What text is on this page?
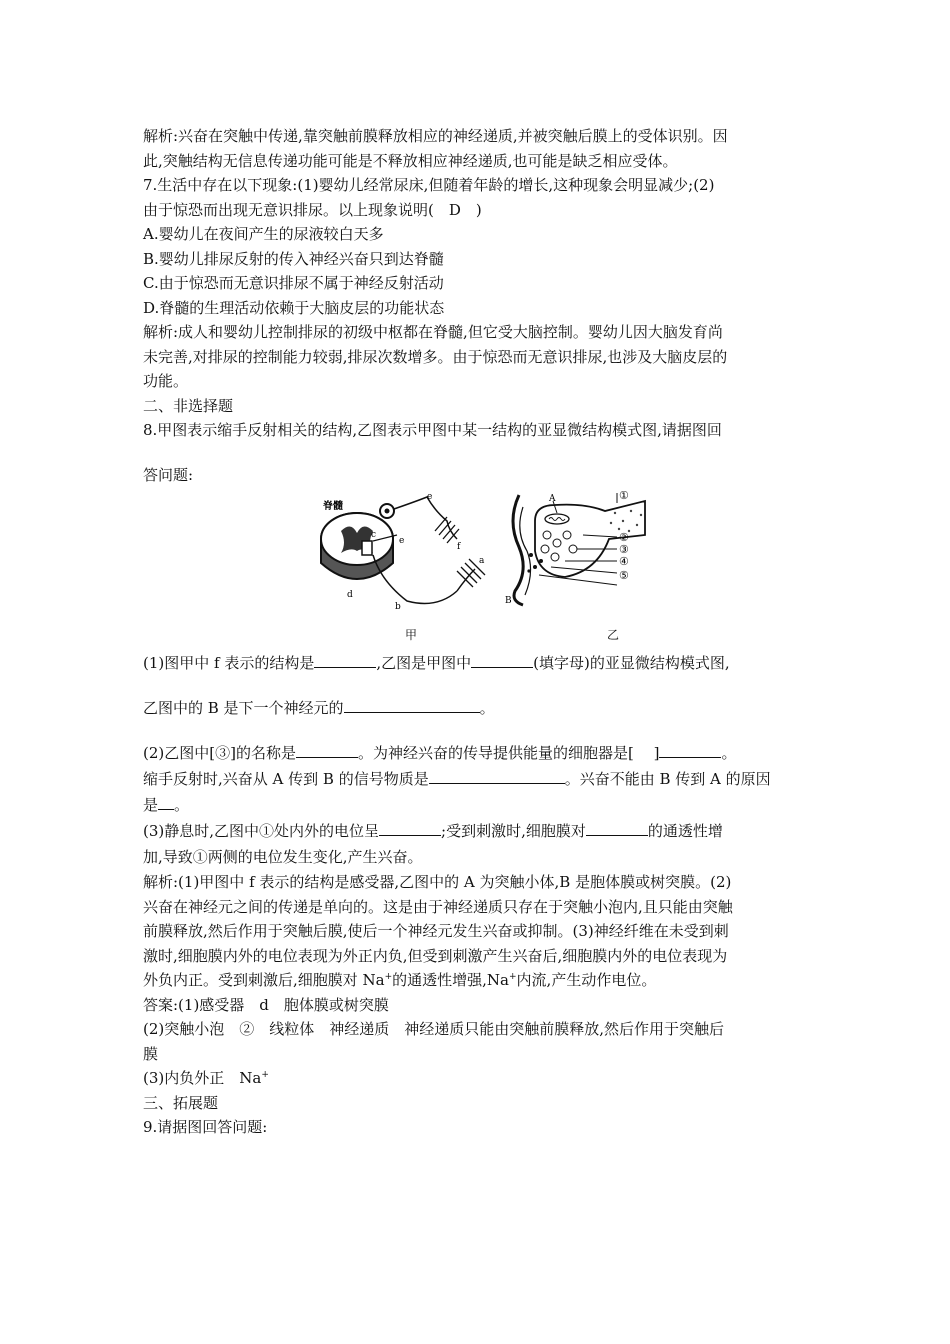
解析:兴奋在突触中传递,靠突触前膜释放相应的神经递质,并被突触后膜上的受体识别。因
此,突触结构无信息传递功能可能是不释放相应神经递质,也可能是缺乏相应受体。
7.生活中存在以下现象:(1)婴幼儿经常尿床,但随着年龄的增长,这种现象会明显减少;(2)
由于惊恐而出现无意识排尿。以上现象说明(　D　)
A.婴幼儿在夜间产生的尿液较白天多
B.婴幼儿排尿反射的传入神经兴奋只到达脊髓
C.由于惊恐而无意识排尿不属于神经反射活动
D.脊髓的生理活动依赖于大脑皮层的功能状态
解析:成人和婴幼儿控制排尿的初级中枢都在脊髓,但它受大脑控制。婴幼儿因大脑发育尚
未完善,对排尿的控制能力较弱,排尿次数增多。由于惊恐而无意识排尿,也涉及大脑皮层的
功能。
二、非选择题
8.甲图表示缩手反射相关的结构,乙图表示甲图中某一结构的亚显微结构模式图,请据图回
答问题:
脊髓
e
e
c
f
a
b
d
甲
A
B
①
②
③
④
⑤
乙
(1)图甲中 f 表示的结构是	,乙图是甲图中	(填字母)的亚显微结构模式图,
乙图中的 B 是下一个神经元的	。
(2)乙图中[③]的名称是	。为神经兴奋的传导提供能量的细胞器是[　 ]	。
缩手反射时,兴奋从 A 传到 B 的信号物质是	。兴奋不能由 B 传到 A 的原因
是 。
(3)静息时,乙图中①处内外的电位呈	;受到刺激时,细胞膜对	的通透性增
加,导致①两侧的电位发生变化,产生兴奋。
解析:(1)甲图中 f 表示的结构是感受器,乙图中的 A 为突触小体,B 是胞体膜或树突膜。(2)
兴奋在神经元之间的传递是单向的。这是由于神经递质只存在于突触小泡内,且只能由突触
前膜释放,然后作用于突触后膜,使后一个神经元发生兴奋或抑制。(3)神经纤维在未受到刺
激时,细胞膜内外的电位表现为外正内负,但受到刺激产生兴奋后,细胞膜内外的电位表现为
外负内正。受到刺激后,细胞膜对 Na+的通透性增强,Na+内流,产生动作电位。
答案:(1)感受器　d　胞体膜或树突膜
(2)突触小泡　②　线粒体　神经递质　神经递质只能由突触前膜释放,然后作用于突触后
膜
(3)内负外正　Na+
三、拓展题
9.请据图回答问题:
